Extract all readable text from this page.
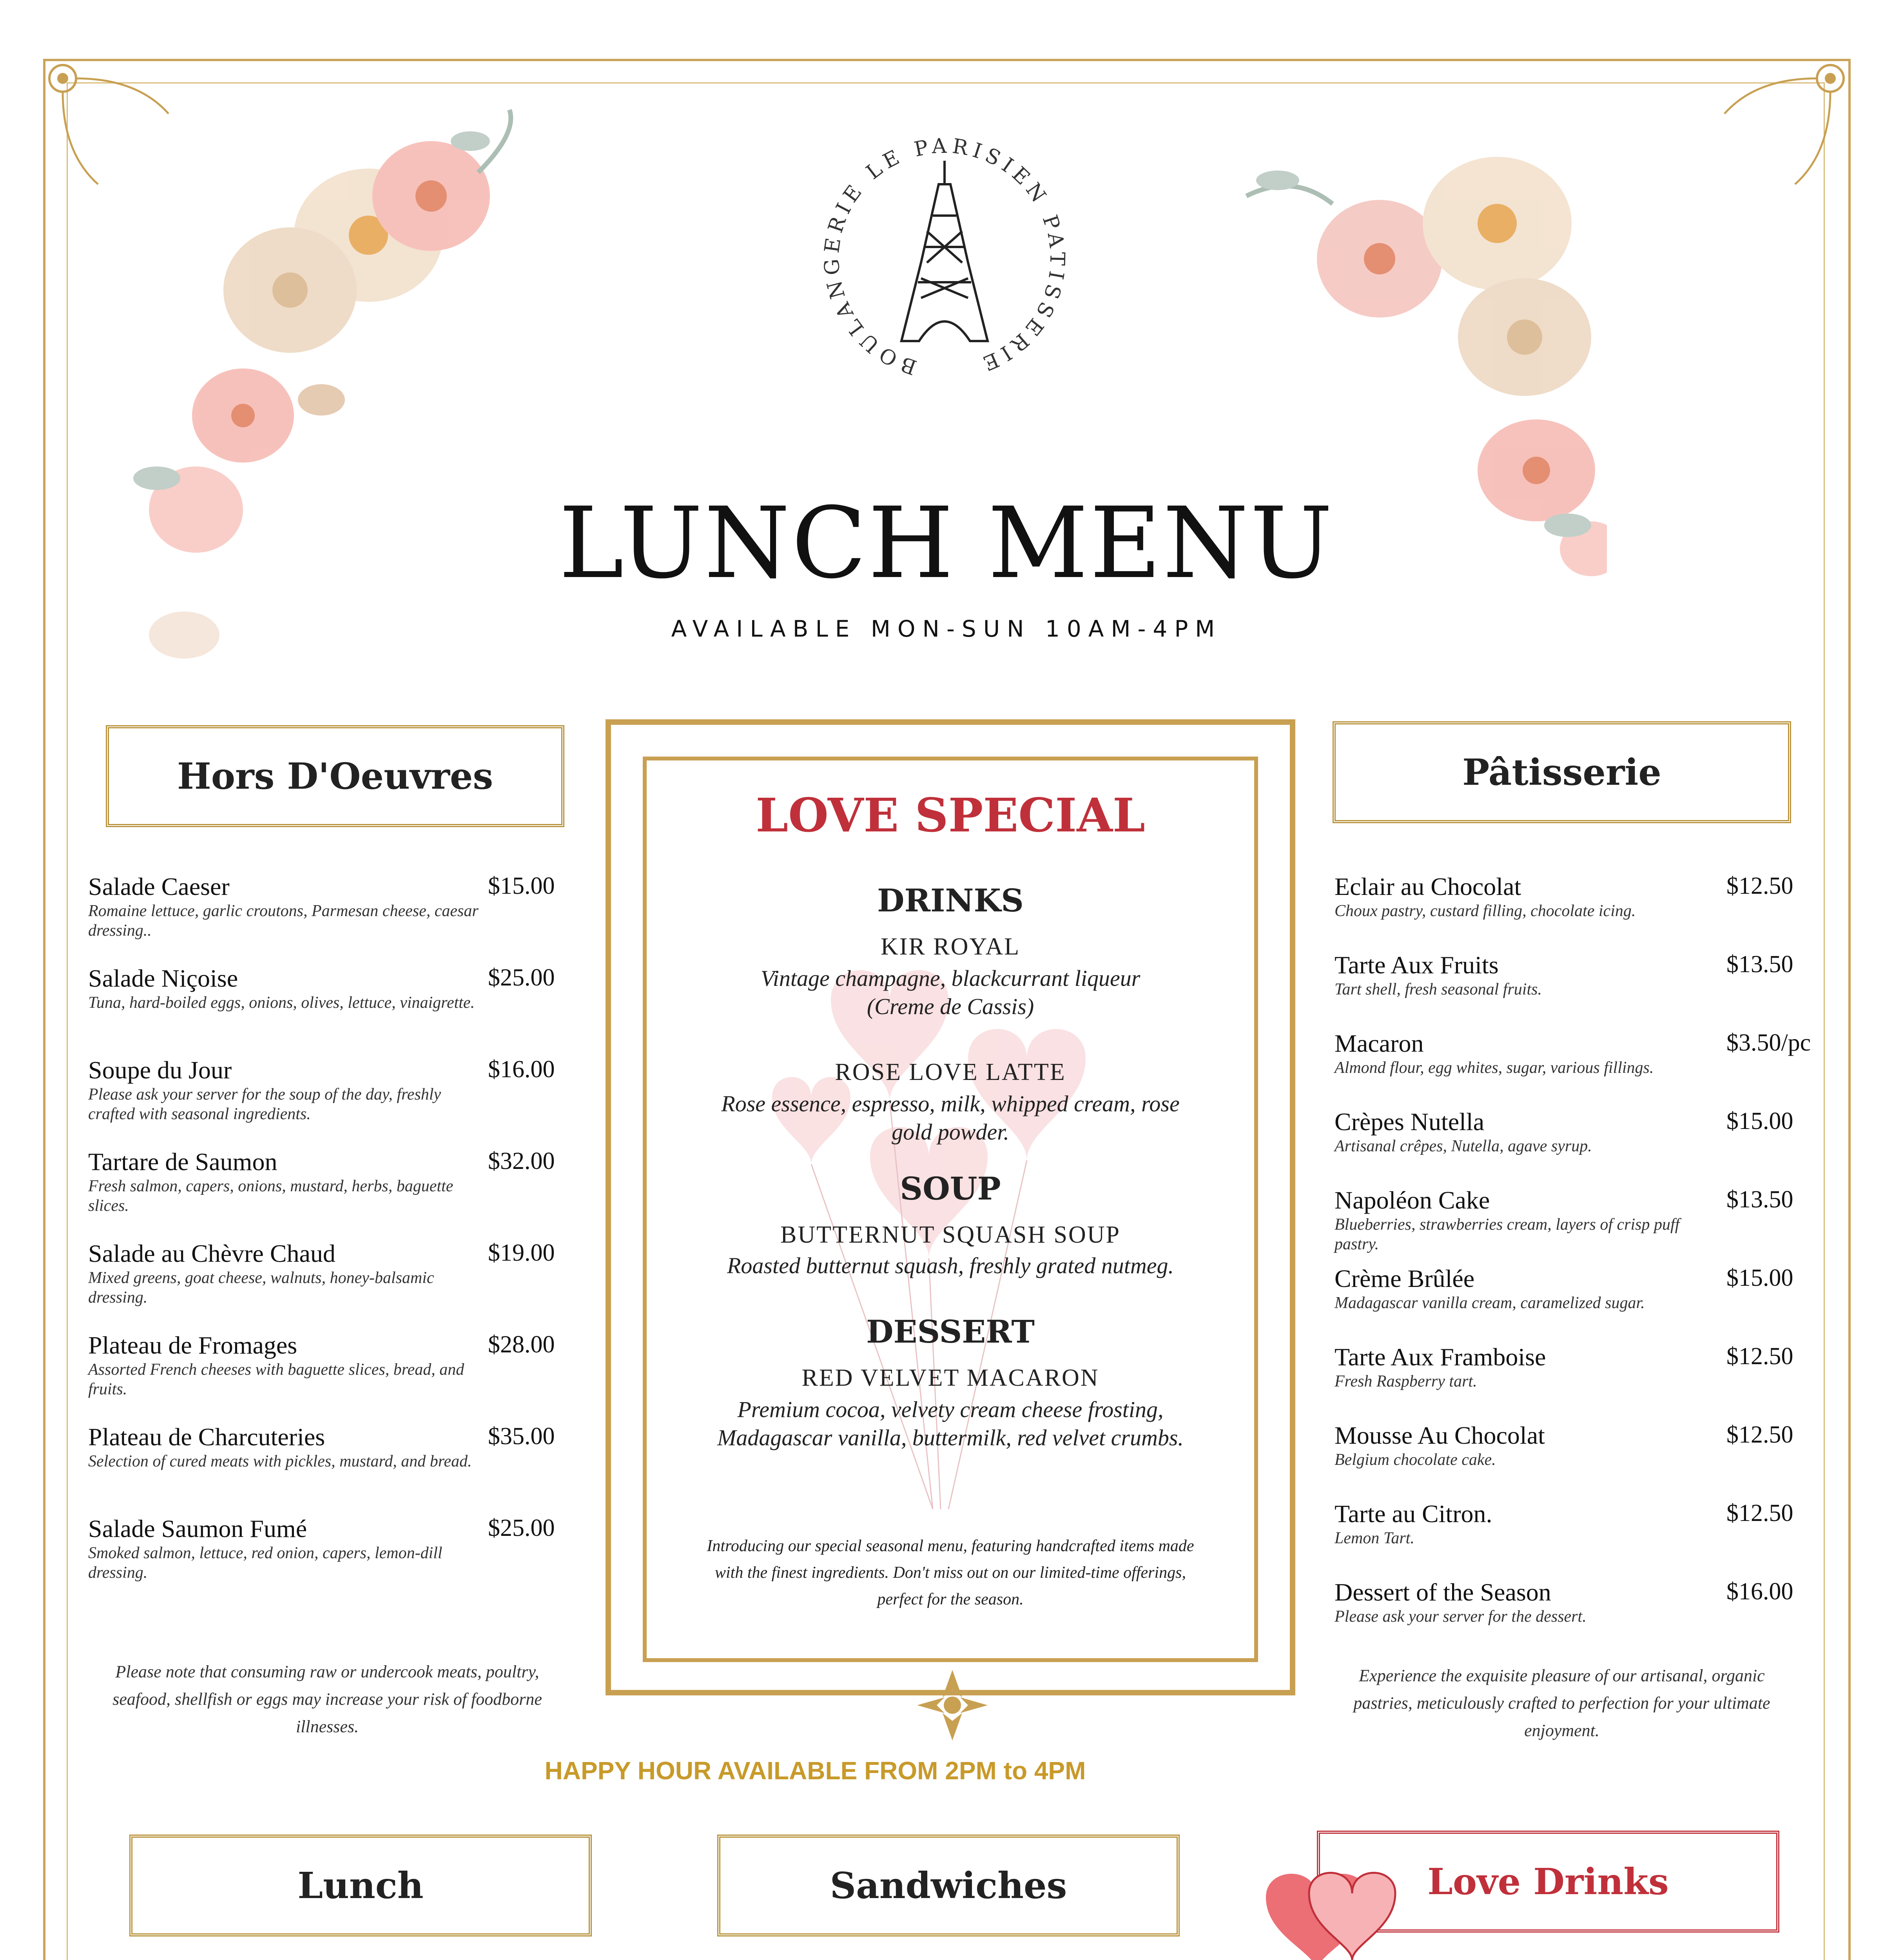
BOULANGERIE LE PARISIEN PATISSERIE
LUNCH MENU
AVAILABLE MON-SUN 10AM-4PM
Hors D'Oeuvres
Salade Caeser
Romaine lettuce, garlic croutons, Parmesan cheese, caesar dressing..
$15.00
Salade Niçoise
Tuna, hard-boiled eggs, onions, olives, lettuce, vinaigrette.
$25.00
Soupe du Jour
Please ask your server for the soup of the day, freshly crafted with seasonal ingredients.
$16.00
Tartare de Saumon
Fresh salmon, capers, onions, mustard, herbs, baguette slices.
$32.00
Salade au Chèvre Chaud
Mixed greens, goat cheese, walnuts, honey-balsamic dressing.
$19.00
Plateau de Fromages
Assorted French cheeses with baguette slices, bread, and fruits.
$28.00
Plateau de Charcuteries
Selection of cured meats with pickles, mustard, and bread.
$35.00
Salade Saumon Fumé
Smoked salmon, lettuce, red onion, capers, lemon-dill dressing.
$25.00
Please note that consuming raw or undercook meats, poultry, seafood, shellfish or eggs may increase your risk of foodborne illnesses.
LOVE SPECIAL
DRINKS
KIR ROYAL
Vintage champagne, blackcurrant liqueur (Creme de Cassis)
ROSE LOVE LATTE
Rose essence, espresso, milk, whipped cream, rose gold powder.
SOUP
BUTTERNUT SQUASH SOUP
Roasted butternut squash, freshly grated nutmeg.
DESSERT
RED VELVET MACARON
Premium cocoa, velvety cream cheese frosting, Madagascar vanilla, buttermilk, red velvet crumbs.
Introducing our special seasonal menu, featuring handcrafted items made with the finest ingredients. Don't miss out on our limited-time offerings, perfect for the season.
HAPPY HOUR AVAILABLE FROM 2PM to 4PM
Pâtisserie
Eclair au Chocolat
Choux pastry, custard filling, chocolate icing.
$12.50
Tarte Aux Fruits
Tart shell, fresh seasonal fruits.
$13.50
Macaron
Almond flour, egg whites, sugar, various fillings.
$3.50/pc
Crèpes Nutella
Artisanal crêpes, Nutella, agave syrup.
$15.00
Napoléon Cake
Blueberries, strawberries cream, layers of crisp puff pastry.
$13.50
Crème Brûlée
Madagascar vanilla cream, caramelized sugar.
$15.00
Tarte Aux Framboise
Fresh Raspberry tart.
$12.50
Mousse Au Chocolat
Belgium chocolate cake.
$12.50
Tarte au Citron.
Lemon Tart.
$12.50
Dessert of the Season
Please ask your server for the dessert.
$16.00
Experience the exquisite pleasure of our artisanal, organic pastries, meticulously crafted to perfection for your ultimate enjoyment.
Lunch	Sandwiches	Love Drinks
